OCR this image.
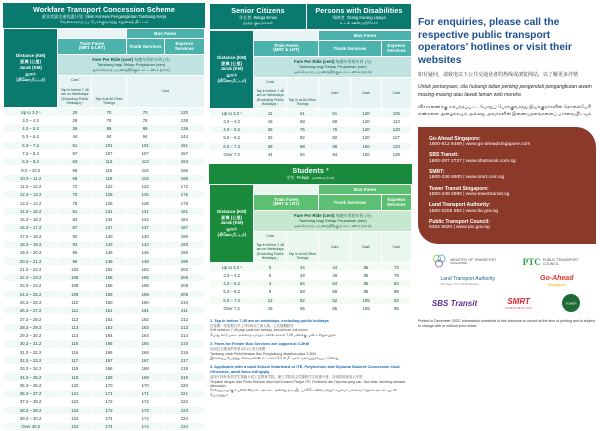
Workfare Transport Concession Scheme
就业奖励交通优惠计划 Skim Konsesi Pengangkutan Tambang Kerja
வேலைவாய்ப்பு போக்குவரத்து சலுகைத் திட்டம்
Distance (KM)
距离 (公里)
Jarak (KM)
தூரம்
(கிலோமீட்டர்)			Bus Fares	
	Train Fares
(MRT & LRT)		Trunk Services	Express Services

	Fare Per Ride (cent) 每趟车资的车资 (分)
Tambang bagi Setiap Perjalanan (sen)
ஒவ்வொரு பயணத்திற்கும் கட்டணம் (காசு)			

	Card
Tap in before 7.45 am on Weekdays (Excluding Public Holidays) ¹	Tap in at All Other Timings	Card	

Up to 3.2 ¹	20	70	70	120
3.3 – 4.2	28	78	78	128
4.3 – 5.2	36	86	86	136
5.3 – 6.2	44	94	94	144
6.3 – 7.2	51	101	101	151
7.3 – 8.2	57	107	107	157
8.3 – 9.2	63	113	113	163
9.3 – 10.2	66	116	116	166
10.3 – 11.2	69	119	119	169
11.3 – 12.2	72	122	122	172
12.3 – 13.2	75	125	125	175
13.3 – 14.2	78	128	128	178
14.3 – 15.2	81	131	131	181
15.3 – 16.2	84	134	134	184
16.3 – 17.2	87	137	137	187
17.3 – 18.2	90	140	140	190
18.3 – 19.2	93	143	143	193
19.3 – 20.2	96	146	146	196
20.3 – 21.2	99	149	149	199
21.3 – 22.2	102	152	152	202
22.3 – 23.2	105	155	155	205
23.3 – 24.2	108	158	158	208
24.3 – 25.2	109	159	159	209
25.3 – 26.2	110	160	160	210
26.3 – 27.2	111	161	161	211
27.3 – 28.2	112	162	162	212
28.3 – 29.2	113	163	163	213
29.3 – 30.2	114	164	164	214
30.3 – 31.2	115	165	165	215
31.3 – 32.2	116	166	166	216
32.3 – 33.2	117	167	167	217
33.3 – 34.2	118	168	168	218
34.3 – 35.2	119	169	169	219
35.3 – 36.2	120	170	170	220
36.3 – 37.2	121	171	171	221
37.3 – 38.2	122	172	172	222
38.3 – 39.2	123	173	173	223
39.3 – 40.2	124	174	174	224
Over 40.2	124	174	174	224
Senior Citizens
年长者 Warga Emas
மூத்த குடிமக்கள்

Persons with Disabilities
残障者 Orang Kurang Upaya
உடல் ஊனமுற்றோர்
Distance (KM)
距离 (公里)
Jarak (KM)
தூரம்
(கிலோமீட்டர்)			Bus Fares		
	Train Fares
(MRT & LRT)		Trunk Services		Express Services

	Fare Per Ride (cent) 每趟车资的车资 (分)
Tambang bagi Setiap Perjalanan (sen)
ஒவ்வொரு பயணத்திற்கும் கட்டணம் (காசு)				

	Card
Tap in before 7.45 am on Weekdays (Excluding Public Holidays) ¹	Tap in at All Other Timings	Card	Cash	Card
Up to 3.2 ¹	11	61	61	120	106
3.3 – 4.2	18	68	68	120	113
4.3 – 5.2	25	75	75	120	120
5.3 – 6.2	32	82	82	120	127
6.3 – 7.2	38	88	88	150	133
Over 7.2	44	94	94	150	139
Students ³
学生 Pelajar மாணவர்கள்
Distance (KM)
距离 (公里)
Jarak (KM)
தூரம்
(கிலோமீட்டர்)			Bus Fares		
	Train Fares
(MRT & LRT)		Trunk Services		Express Services

	Fare Per Ride (cent) 每趟车资的车资 (分)
Tambang bagi Setiap Perjalanan (sen)
ஒவ்வொரு பயணத்திற்கும் கட்டணம் (காசு)				

	Card
Tap in before 7.45 am on Weekdays (Excluding Public Holidays) ¹	Tap in at All Other Timings	Card	Cash	Card
Up to 3.2 ¹	0	44	44	85	74
3.3 – 4.2	0	49	49	85	79
4.3 – 5.2	4	54	54	85	84
5.3 – 6.2	9	59	59	85	89
6.3 – 7.2	12	62	62	105	92
Over 7.2	15	65	65	105	95
1. Tap in before 7.45 am on weekdays, excluding public holidays
在星期一至星期五早上7时45分之前入闸，公共假期除外
Griti sebelum 7.45 pagi pada hari bekerja, kecuali hari cuti umum
பொது விடுமுறை அல்லாத வாரநாட்களில் காலை 7.45 மணிக்கு முன் உள்நுழைதல்
2. Fares for Feeder Bus Services are capped at 3.2KM
区间巴士服务的车资以3.2公里为顶限
Tambang untuk Perkhidmatan Bas Penghubung dihadkan pada 3.2KM
இணைப்பு பேருந்து சேவைகளின் கட்டணம் 3.2 கி.மீ. வரை வரையறுக்கப்பட்டுள்ளது
3. Applicable with a valid School Smartcard or ITE, Polytechnic and Diploma Student Concession Card. Otherwise, adult fares will apply.
适用于持有有效学生智能卡或工艺教育学院、理工学院及文凭课程学生优惠卡者，否则将收取成人车资
Terpakai dengan Kad Pintar Sekolah atau Kad Konsesi Pelajar ITE, Politeknik dan Diploma yang sah. Jika tidak, tambang dewasa dikenakan.
செல்லுபடியாகும் பள்ளி ஸ்மார்ட் அட்டை அல்லது ஐ.டி.இ., பாலிடெக்னிக் மற்றும் டிப்ளமா மாணவர் சலுகை அட்டையுடன் பொருந்தும்.
For enquiries, please call the respective public transport operators’ hotlines or visit their websites
如有疑问，请致电以下公共交通业者的热线或浏览网站，以了解更多详情
Untuk pertanyaan, sila hubungi talian penting pengendali pengangkutan awam masing-masing atau lawati laman web mereka
விசாரணைக்கு சம்பந்தப்பட்ட பொதுப் போக்குவரத்து இயக்குநர்களின் தொலைபேசி எண்களை அழைக்கவும் அல்லது அவர்களின் இணையதளங்களைப் பார்வையிடவும்
Go-Ahead Singapore:
1800-812 6469 | www.go-aheadsingapore.com
SBS Transit:
1800-287 2727 | www.sbstransit.com.sg
SMRT:
1800-336 8900 | www.smrt.com.sg
Tower Transit Singapore:
1800-248 0980 | www.towertransit.sg
Land Transport Authority:
1800-2255 582 | www.lta.gov.sg
Public Transport Council:
6354 9020 | www.ptc.gov.sg
MINISTRY OF TRANSPORT
SINGAPORE	PTC PUBLIC TRANSPORT COUNCIL
Land Transport Authority
We Keep Your World Moving
Go-Ahead
Singapore
SBS Transit	SMRT
CORPORATION
TOWER
Printed in December 2022. Information contained in this brochure is correct at the time of printing and is subject to change with or without prior notice.
